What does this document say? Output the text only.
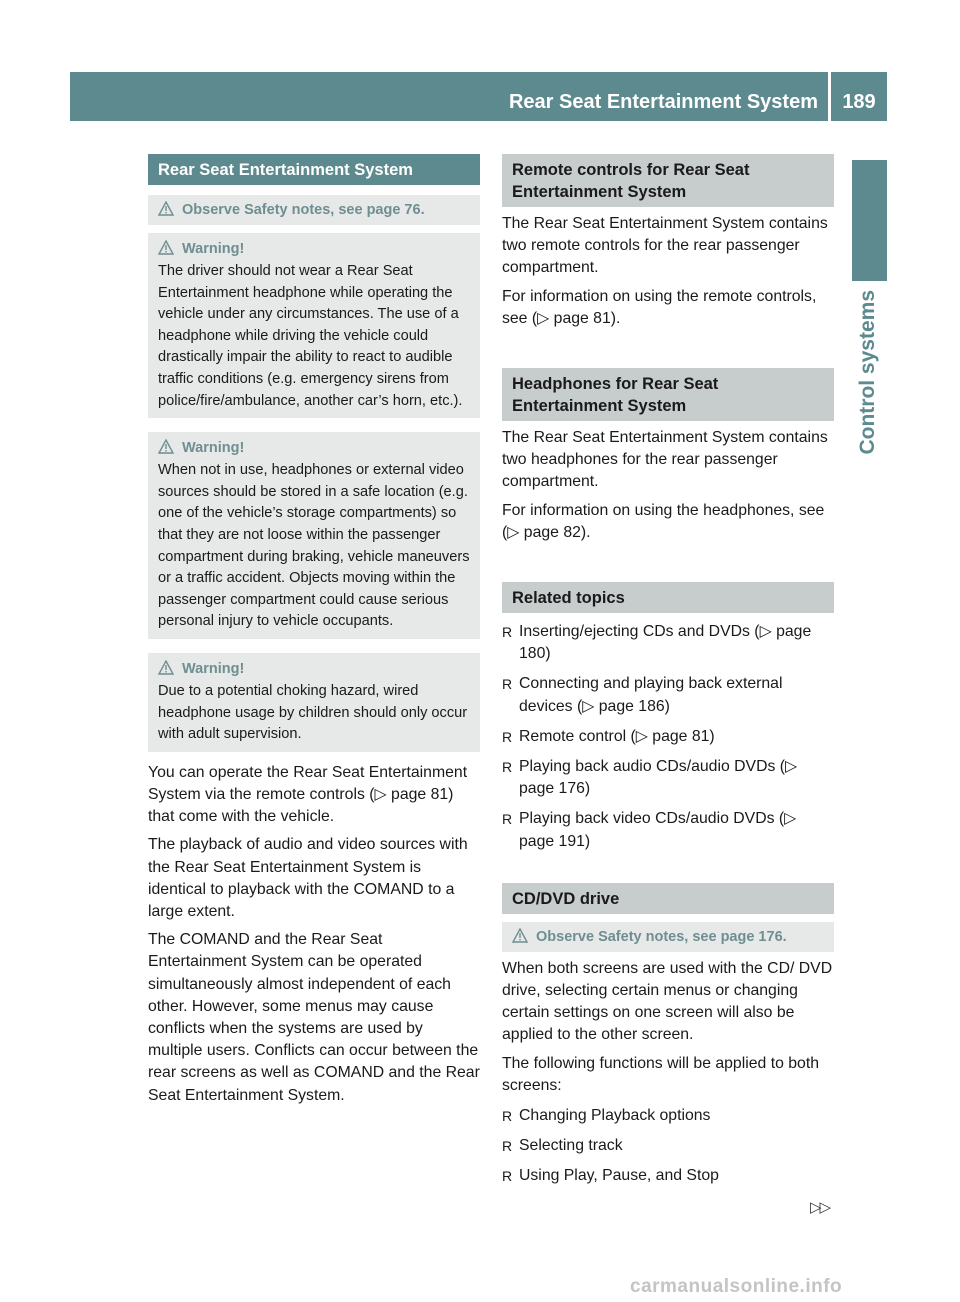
Rear Seat Entertainment System	189
Control systems
Rear Seat Entertainment System
Observe Safety notes, see page 76.
Warning!
The driver should not wear a Rear Seat Entertainment headphone while operating the vehicle under any circumstances. The use of a headphone while driving the vehicle could drastically impair the ability to react to audible traffic conditions (e.g. emergency sirens from police/fire/ambulance, another car’s horn, etc.).
Warning!
When not in use, headphones or external video sources should be stored in a safe location (e.g. one of the vehicle’s storage compartments) so that they are not loose within the passenger compartment during braking, vehicle maneuvers or a traffic accident. Objects moving within the passenger compartment could cause serious personal injury to vehicle occupants.
Warning!
Due to a potential choking hazard, wired headphone usage by children should only occur with adult supervision.

You can operate the Rear Seat Entertainment System via the remote controls (▷ page 81) that come with the vehicle.

The playback of audio and video sources with the Rear Seat Entertainment System is identical to playback with the COMAND to a large extent.

The COMAND and the Rear Seat Entertainment System can be operated simultaneously almost independent of each other. However, some menus may cause conflicts when the systems are used by multiple users. Conflicts can occur between the rear screens as well as COMAND and the Rear Seat Entertainment System.

Remote controls for Rear Seat Entertainment System

The Rear Seat Entertainment System contains two remote controls for the rear passenger compartment.

For information on using the remote controls, see (▷ page 81).

Headphones for Rear Seat Entertainment System

The Rear Seat Entertainment System contains two headphones for the rear passenger compartment.

For information on using the headphones, see (▷ page 82).

Related topics
R Inserting/ejecting CDs and DVDs (▷ page 180)
R Connecting and playing back external devices (▷ page 186)
R Remote control (▷ page 81)
R Playing back audio CDs/audio DVDs (▷ page 176)
R Playing back video CDs/audio DVDs (▷ page 191)
CD/DVD drive
Observe Safety notes, see page 176.

When both screens are used with the CD/ DVD drive, selecting certain menus or changing certain settings on one screen will also be applied to the other screen.

The following functions will be applied to both screens:

R Changing Playback options
R Selecting track
R Using Play, Pause, and Stop
▷▷
carmanualsonline.info
